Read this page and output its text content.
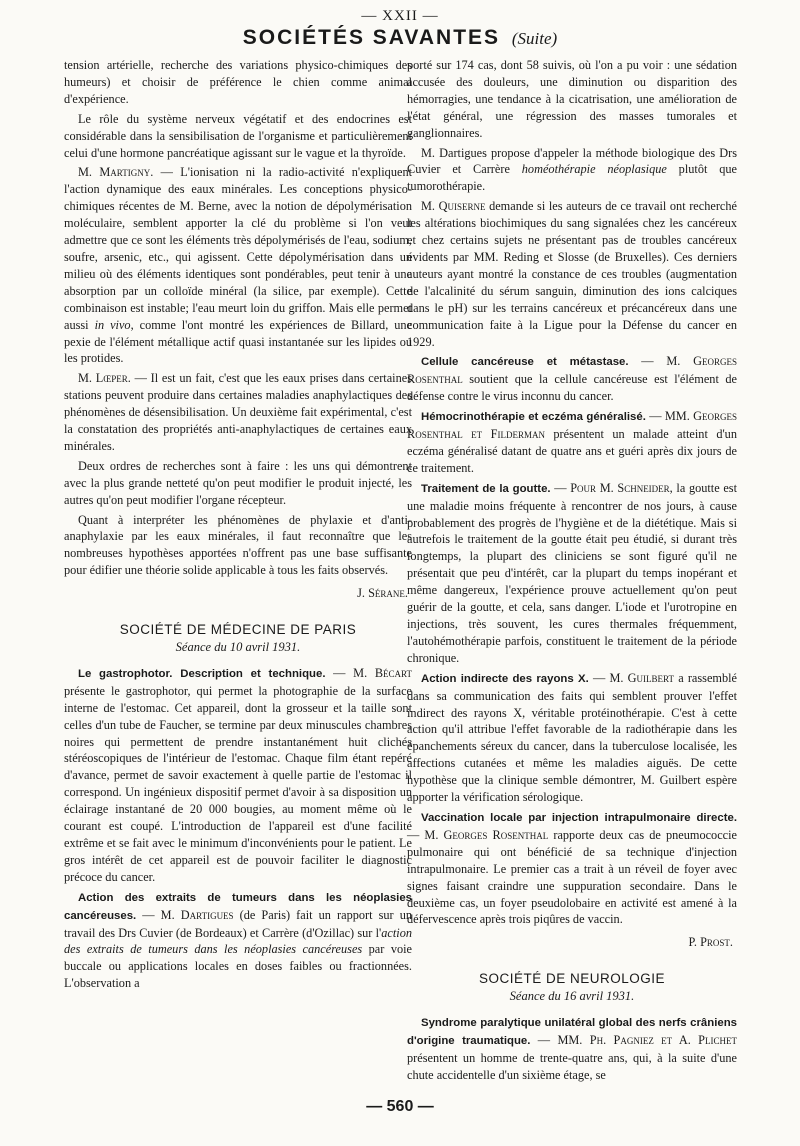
— XXII —
SOCIÉTÉS SAVANTES (Suite)

tension artérielle, recherche des variations physico-chimiques des humeurs) et choisir de préférence le chien comme animal d'expérience.

Le rôle du système nerveux végétatif et des endocrines est considérable dans la sensibilisation de l'organisme et particulièrement celui d'une hormone pancréatique agissant sur le vague et la thyroïde.

M. Martigny. — L'ionisation ni la radio-activité n'expliquent l'action dynamique des eaux minérales. Les conceptions physico-chimiques récentes de M. Berne, avec la notion de dépolymérisation moléculaire, semblent apporter la clé du problème si l'on veut admettre que ce sont les éléments très dépolymérisés de l'eau, sodium, soufre, arsenic, etc., qui agissent. Cette dépolymérisation dans un milieu où des éléments identiques sont pondérables, peut tenir à une absorption par un colloïde minéral (la silice, par exemple). Cette combinaison est instable; l'eau meurt loin du griffon. Mais elle permet aussi in vivo, comme l'ont montré les expériences de Billard, une pexie de l'élément métallique actif quasi instantanée sur les lipides ou les protides.

M. Lœper. — Il est un fait, c'est que les eaux prises dans certaines stations peuvent produire dans certaines maladies anaphylactiques des phénomènes de désensibilisation. Un deuxième fait expérimental, c'est la constatation des propriétés anti-anaphylactiques de certaines eaux minérales.

Deux ordres de recherches sont à faire : les uns qui démontrent avec la plus grande netteté qu'on peut modifier le produit injecté, les autres qu'on peut modifier l'organe récepteur.

Quant à interpréter les phénomènes de phylaxie et d'anti-anaphylaxie par les eaux minérales, il faut reconnaître que les nombreuses hypothèses apportées n'offrent pas une base suffisante pour édifier une théorie solide applicable à tous les faits observés.

J. Sérane.

SOCIÉTÉ DE MÉDECINE DE PARIS

Séance du 10 avril 1931.

Le gastrophotor. Description et technique. — M. Bécart présente le gastrophotor, qui permet la photographie de la surface interne de l'estomac. Cet appareil, dont la grosseur et la taille sont celles d'un tube de Faucher, se termine par deux minuscules chambres noires qui permettent de prendre instantanément huit clichés stéréoscopiques de l'intérieur de l'estomac. Chaque film étant repéré d'avance, permet de savoir exactement à quelle partie de l'estomac il correspond. Un ingénieux dispositif permet d'avoir à sa disposition un éclairage instantané de 20 000 bougies, au moment même où le courant est coupé. L'introduction de l'appareil est d'une facilité extrême et se fait avec le minimum d'inconvénients pour le patient. Le gros intérêt de cet appareil est de pouvoir faciliter le diagnostic précoce du cancer.

Action des extraits de tumeurs dans les néoplasies cancéreuses. — M. Dartigues (de Paris) fait un rapport sur un travail des Drs Cuvier (de Bordeaux) et Carrère (d'Ozillac) sur l'action des extraits de tumeurs dans les néoplasies cancéreuses par voie buccale ou applications locales en doses faibles ou fractionnées. L'observation a

porté sur 174 cas, dont 58 suivis, où l'on a pu voir : une sédation accusée des douleurs, une diminution ou disparition des hémorragies, une tendance à la cicatrisation, une amélioration de l'état général, une régression des masses tumorales et ganglionnaires.

M. Dartigues propose d'appeler la méthode biologique des Drs Cuvier et Carrère homéothérapie néoplasique plutôt que tumorothérapie.

M. Quiserne demande si les auteurs de ce travail ont recherché les altérations biochimiques du sang signalées chez les cancéreux et chez certains sujets ne présentant pas de troubles cancéreux évidents par MM. Reding et Slosse (de Bruxelles). Ces derniers auteurs ayant montré la constance de ces troubles (augmentation de l'alcalinité du sérum sanguin, diminution des ions calciques dans le pH) sur les terrains cancéreux et précancéreux dans une communication faite à la Ligue pour la Défense du cancer en 1929.

Cellule cancéreuse et métastase. — M. Georges Rosenthal soutient que la cellule cancéreuse est l'élément de défense contre le virus inconnu du cancer.

Hémocrinothérapie et eczéma généralisé. — MM. Georges Rosenthal et Filderman présentent un malade atteint d'un eczéma généralisé datant de quatre ans et guéri après dix jours de ce traitement.

Traitement de la goutte. — Pour M. Schneider, la goutte est une maladie moins fréquente à rencontrer de nos jours, à cause probablement des progrès de l'hygiène et de la diététique. Mais si autrefois le traitement de la goutte était peu étudié, si durant très longtemps, la plupart des cliniciens se sont figuré qu'il ne présentait que peu d'intérêt, car la plupart du temps inopérant et même dangereux, l'expérience prouve actuellement qu'on peut guérir de la goutte, et cela, sans danger. L'iode et l'urotropine en injections, très souvent, les cures thermales fréquemment, l'autohémothérapie parfois, constituent le traitement de la période chronique.

Action indirecte des rayons X. — M. Guilbert a rassemblé dans sa communication des faits qui semblent prouver l'effet indirect des rayons X, véritable protéinothérapie. C'est à cette action qu'il attribue l'effet favorable de la radiothérapie dans les épanchements séreux du cancer, dans la tuberculose localisée, les affections cutanées et même les maladies aiguës. De cette hypothèse que la clinique semble démontrer, M. Guilbert espère apporter la vérification sérologique.

Vaccination locale par injection intrapulmonaire directe. — M. Georges Rosenthal rapporte deux cas de pneumococcie pulmonaire qui ont bénéficié de sa technique d'injection intrapulmonaire. Le premier cas a trait à un réveil de foyer avec signes faisant craindre une suppuration secondaire. Dans le deuxième cas, un foyer pseudolobaire en activité est amené à la défervescence après trois piqûres de vaccin.

P. Prost.

SOCIÉTÉ DE NEUROLOGIE

Séance du 16 avril 1931.

Syndrome paralytique unilatéral global des nerfs crâniens d'origine traumatique. — MM. Ph. Pagniez et A. Plichet présentent un homme de trente-quatre ans, qui, à la suite d'une chute accidentelle d'un sixième étage, se

— 560 —
